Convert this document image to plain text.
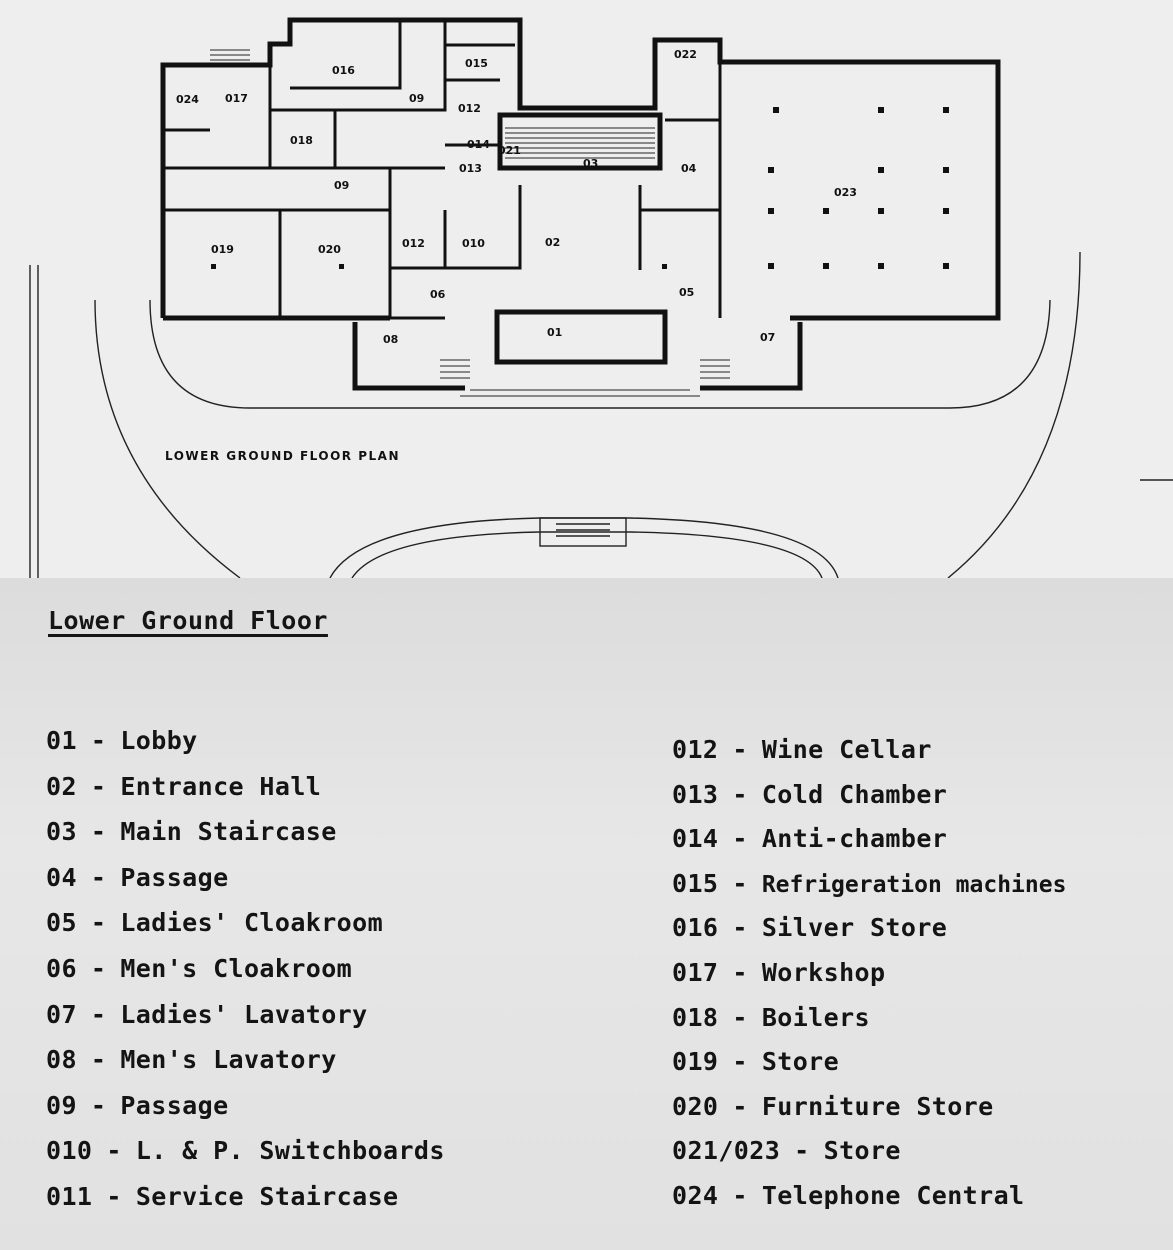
01
02
03	04
05
06
07
08
09
09
010
012
012
013
014
015
016
017
018
019	020
021
022
023
024
LOWER GROUND FLOOR PLAN
Lower Ground Floor
01 - Lobby
02 - Entrance Hall
03 - Main Staircase
04 - Passage
05 - Ladies' Cloakroom
06 - Men's Cloakroom
07 - Ladies' Lavatory
08 - Men's Lavatory
09 - Passage
010 - L. & P. Switchboards
011 - Service Staircase
012 - Wine Cellar
013 - Cold Chamber
014 - Anti-chamber
015 - Refrigeration machines
016 - Silver Store
017 - Workshop
018 - Boilers
019 - Store
020 - Furniture Store
021/023 - Store
024 - Telephone Central
